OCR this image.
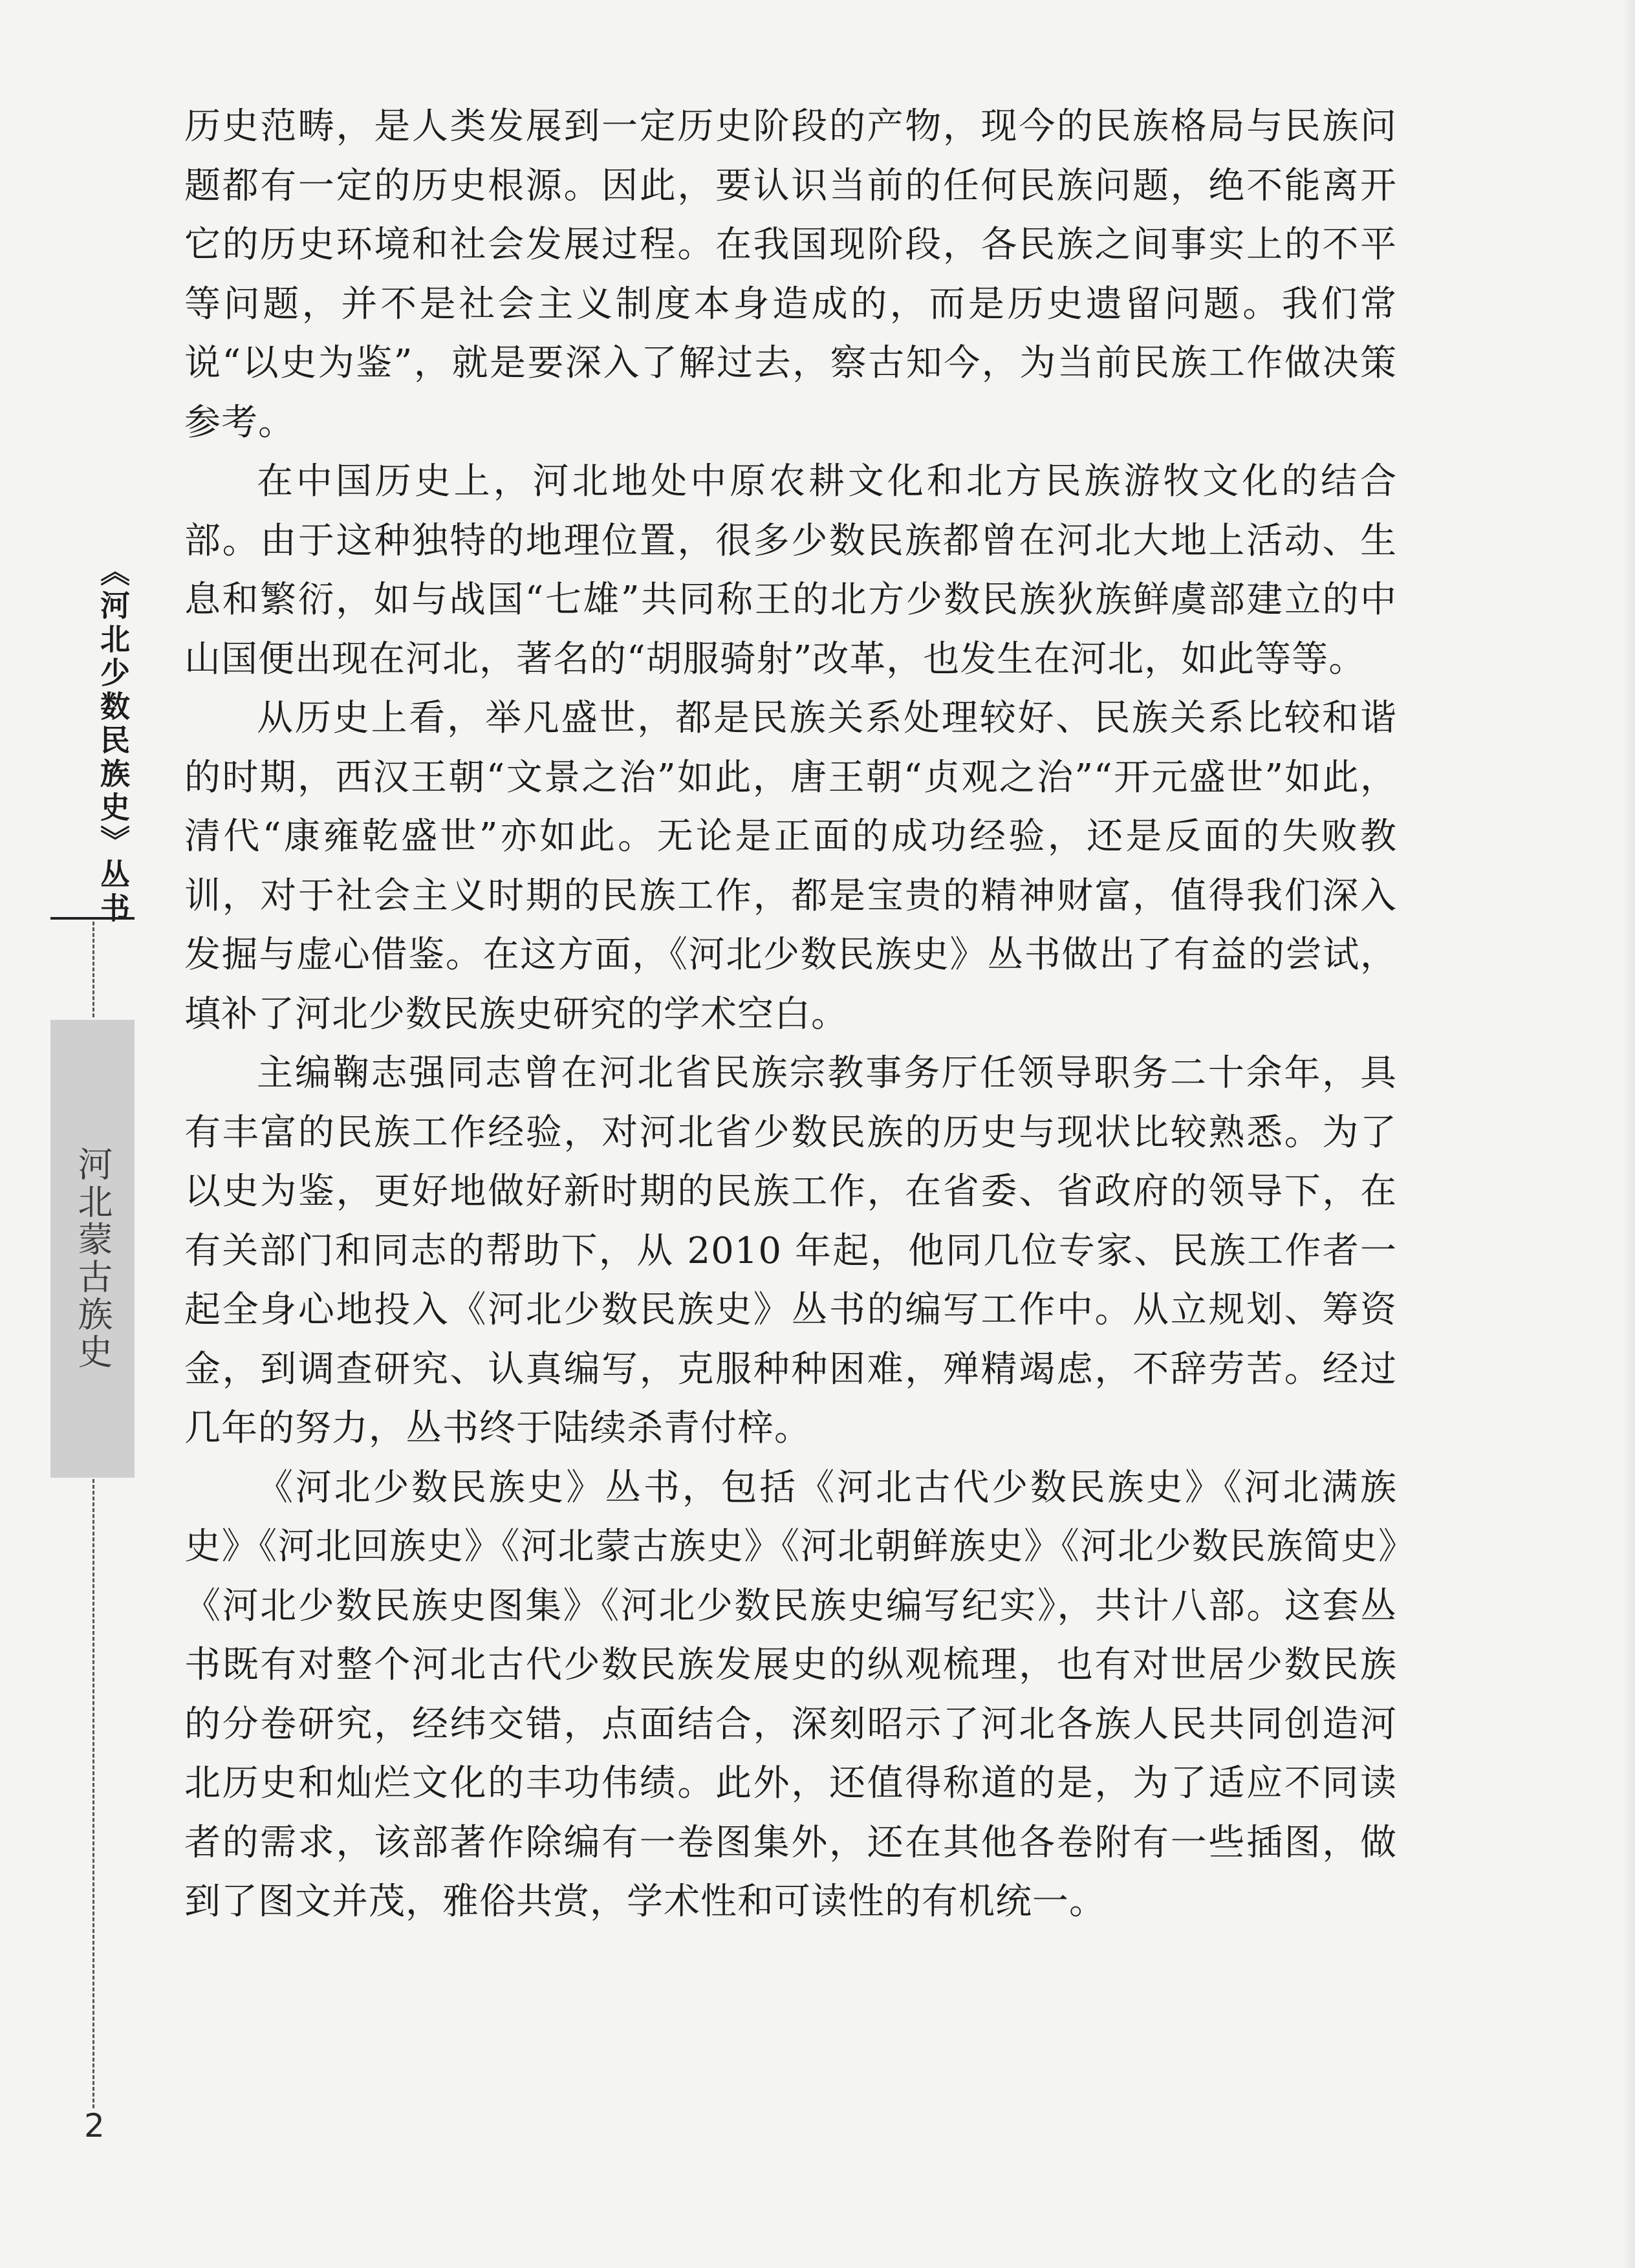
历史范畴，是人类发展到一定历史阶段的产物，现今的民族格局与民族问题都有一定的历史根源。因此，要认识当前的任何民族问题，绝不能离开它的历史环境和社会发展过程。在我国现阶段，各民族之间事实上的不平等问题，并不是社会主义制度本身造成的，而是历史遗留问题。我们常说“以史为鉴”，就是要深入了解过去，察古知今，为当前民族工作做决策参考。

在中国历史上，河北地处中原农耕文化和北方民族游牧文化的结合部。由于这种独特的地理位置，很多少数民族都曾在河北大地上活动、生息和繁衍，如与战国“七雄”共同称王的北方少数民族狄族鲜虞部建立的中山国便出现在河北，著名的“胡服骑射”改革，也发生在河北，如此等等。

从历史上看，举凡盛世，都是民族关系处理较好、民族关系比较和谐的时期，西汉王朝“文景之治”如此，唐王朝“贞观之治”“开元盛世”如此，清代“康雍乾盛世”亦如此。无论是正面的成功经验，还是反面的失败教训，对于社会主义时期的民族工作，都是宝贵的精神财富，值得我们深入发掘与虚心借鉴。在这方面，《河北少数民族史》丛书做出了有益的尝试，填补了河北少数民族史研究的学术空白。

主编鞠志强同志曾在河北省民族宗教事务厅任领导职务二十余年，具有丰富的民族工作经验，对河北省少数民族的历史与现状比较熟悉。为了以史为鉴，更好地做好新时期的民族工作，在省委、省政府的领导下，在有关部门和同志的帮助下，从 2010 年起，他同几位专家、民族工作者一起全身心地投入《河北少数民族史》丛书的编写工作中。从立规划、筹资金，到调查研究、认真编写，克服种种困难，殚精竭虑，不辞劳苦。经过几年的努力，丛书终于陆续杀青付梓。

《河北少数民族史》丛书，包括《河北古代少数民族史》《河北满族史》《河北回族史》《河北蒙古族史》《河北朝鲜族史》《河北少数民族简史》《河北少数民族史图集》《河北少数民族史编写纪实》，共计八部。这套丛书既有对整个河北古代少数民族发展史的纵观梳理，也有对世居少数民族的分卷研究，经纬交错，点面结合，深刻昭示了河北各族人民共同创造河北历史和灿烂文化的丰功伟绩。此外，还值得称道的是，为了适应不同读者的需求，该部著作除编有一卷图集外，还在其他各卷附有一些插图，做到了图文并茂，雅俗共赏，学术性和可读性的有机统一。

《河北少数民族史》丛书
河北蒙古族史
2
